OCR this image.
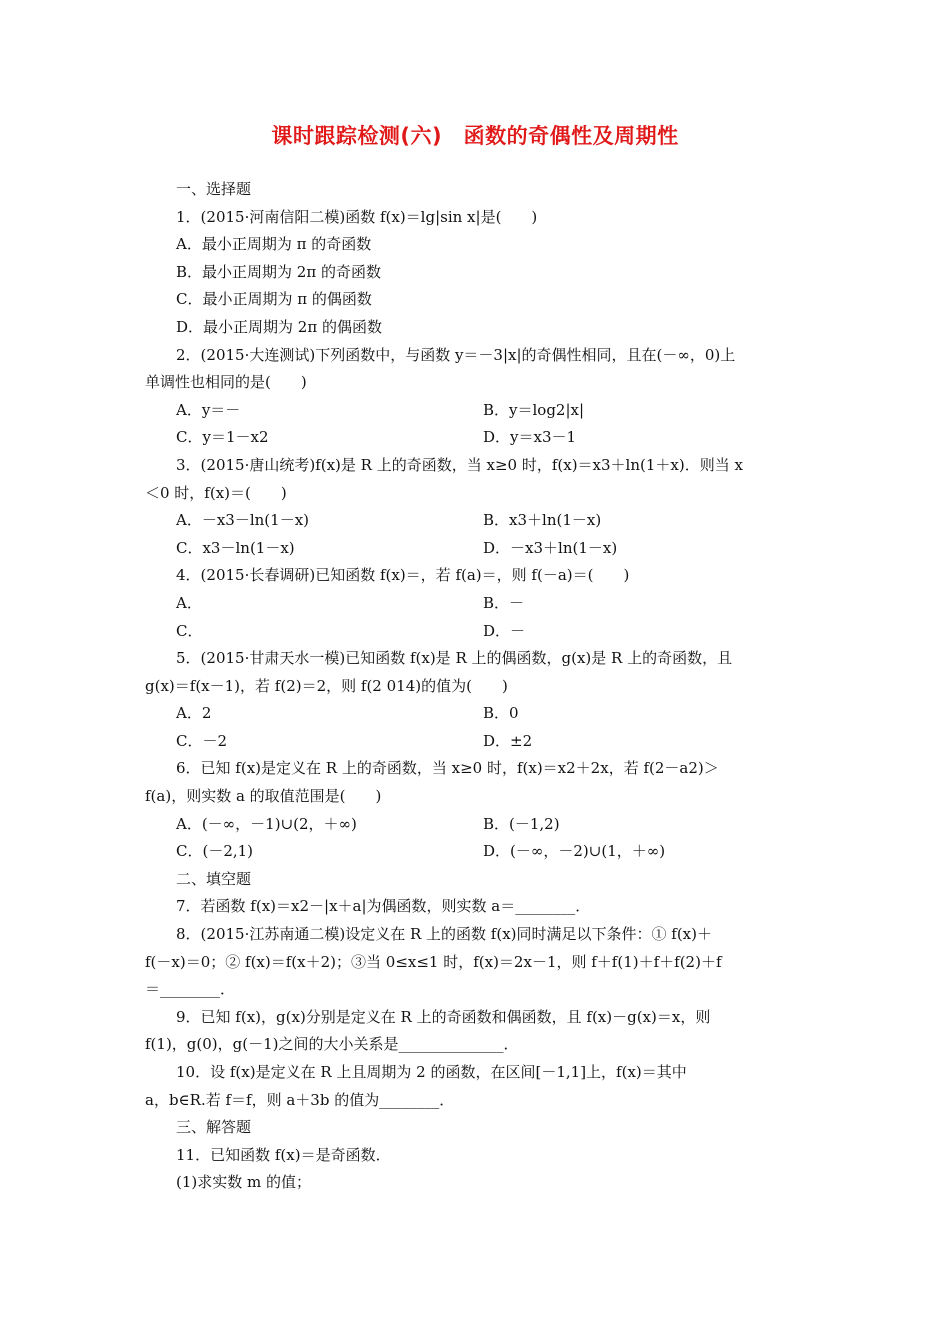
课时跟踪检测(六)　函数的奇偶性及周期性
一、选择题
1．(2015·河南信阳二模)函数 f(x)＝lg|sin x|是(　　)
A．最小正周期为 π 的奇函数
B．最小正周期为 2π 的奇函数
C．最小正周期为 π 的偶函数
D．最小正周期为 2π 的偶函数
2．(2015·大连测试)下列函数中，与函数 y＝－3|x|的奇偶性相同，且在(－∞，0)上
单调性也相同的是(　　)
A．y＝－	B．y＝log2|x|
C．y＝1－x2	D．y＝x3－1
3．(2015·唐山统考)f(x)是 R 上的奇函数，当 x≥0 时，f(x)＝x3＋ln(1＋x)．则当 x
＜0 时，f(x)＝(　　)
A．－x3－ln(1－x)	B．x3＋ln(1－x)
C．x3－ln(1－x)	D．－x3＋ln(1－x)
4．(2015·长春调研)已知函数 f(x)＝，若 f(a)＝，则 f(－a)＝(　　)
A．	B．－
C．	D．－
5．(2015·甘肃天水一模)已知函数 f(x)是 R 上的偶函数，g(x)是 R 上的奇函数，且
g(x)＝f(x－1)，若 f(2)＝2，则 f(2 014)的值为(　　)
A．2	B．0
C．－2	D．±2
6．已知 f(x)是定义在 R 上的奇函数，当 x≥0 时，f(x)＝x2＋2x，若 f(2－a2)＞
f(a)，则实数 a 的取值范围是(　　)
A．(－∞，－1)∪(2，＋∞)	B．(－1,2)
C．(－2,1)	D．(－∞，－2)∪(1，＋∞)
二、填空题
7．若函数 f(x)＝x2－|x＋a|为偶函数，则实数 a＝________．
8．(2015·江苏南通二模)设定义在 R 上的函数 f(x)同时满足以下条件：① f(x)＋
f(－x)＝0；② f(x)＝f(x＋2)；③当 0≤x≤1 时，f(x)＝2x－1，则 f＋f(1)＋f＋f(2)＋f
＝________．
9．已知 f(x)，g(x)分别是定义在 R 上的奇函数和偶函数，且 f(x)－g(x)＝x，则
f(1)，g(0)，g(－1)之间的大小关系是______________．
10．设 f(x)是定义在 R 上且周期为 2 的函数，在区间[－1,1]上，f(x)＝其中
a，b∈R.若 f＝f，则 a＋3b 的值为________．
三、解答题
11．已知函数 f(x)＝是奇函数．
(1)求实数 m 的值；
